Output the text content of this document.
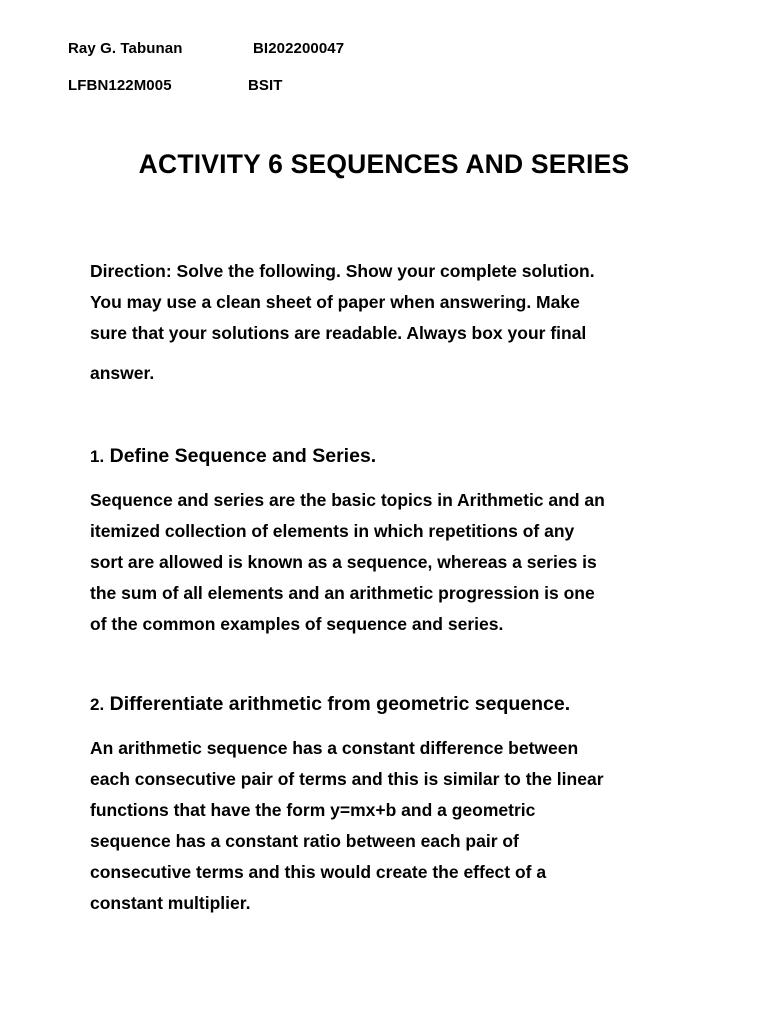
Ray G. Tabunan	BI202200047
LFBN122M005	BSIT
ACTIVITY 6 SEQUENCES AND SERIES

Direction: Solve the following. Show your complete solution.

You may use a clean sheet of paper when answering. Make

sure that your solutions are readable. Always box your final

answer.

1. Define Sequence and Series.

Sequence and series are the basic topics in Arithmetic and an

itemized collection of elements in which repetitions of any

sort are allowed is known as a sequence, whereas a series is

the sum of all elements and an arithmetic progression is one

of the common examples of sequence and series.

2. Differentiate arithmetic from geometric sequence.

An arithmetic sequence has a constant difference between

each consecutive pair of terms and this is similar to the linear

functions that have the form y=mx+b and a geometric

sequence has a constant ratio between each pair of

consecutive terms and this would create the effect of a

constant multiplier.
